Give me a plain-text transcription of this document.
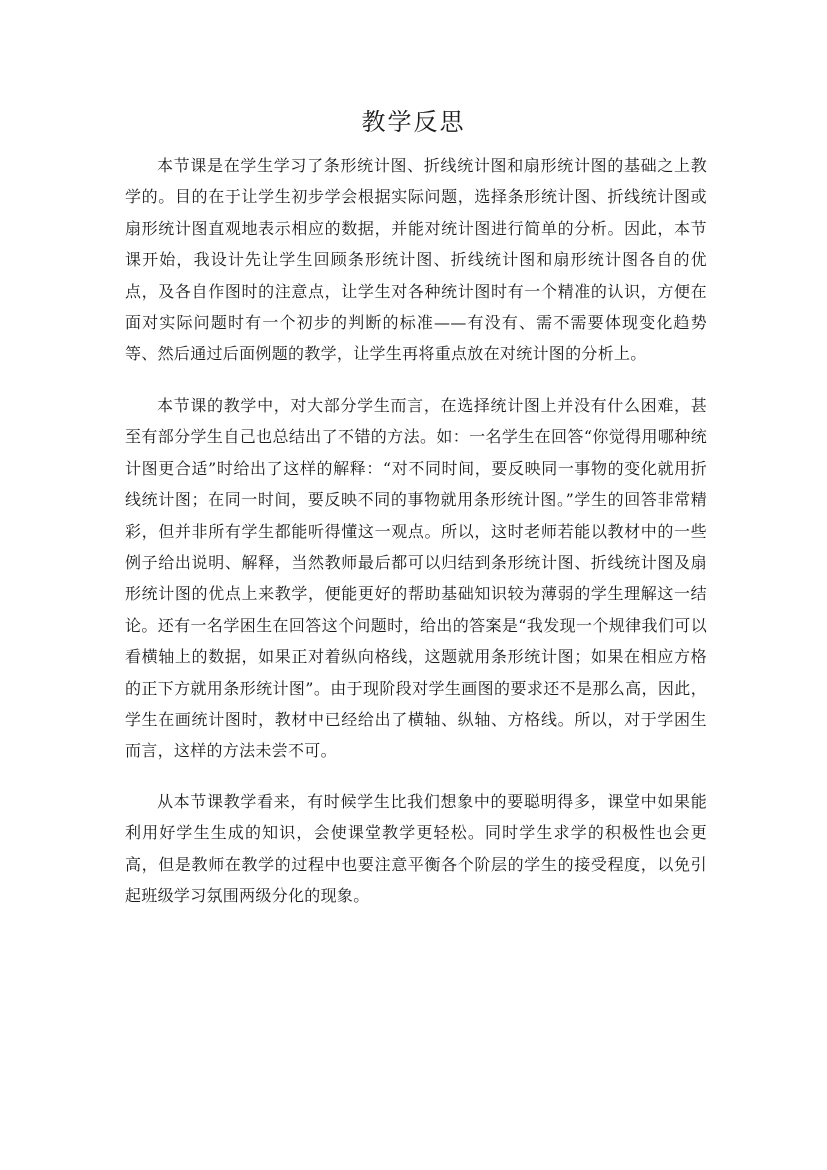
教学反思

本节课是在学生学习了条形统计图、折线统计图和扇形统计图的基础之上教学的。目的在于让学生初步学会根据实际问题，选择条形统计图、折线统计图或扇形统计图直观地表示相应的数据，并能对统计图进行简单的分析。因此，本节课开始，我设计先让学生回顾条形统计图、折线统计图和扇形统计图各自的优点，及各自作图时的注意点，让学生对各种统计图时有一个精准的认识，方便在面对实际问题时有一个初步的判断的标准——有没有、需不需要体现变化趋势等、然后通过后面例题的教学，让学生再将重点放在对统计图的分析上。

本节课的教学中，对大部分学生而言，在选择统计图上并没有什么困难，甚至有部分学生自己也总结出了不错的方法。如：一名学生在回答“你觉得用哪种统计图更合适”时给出了这样的解释：“对不同时间，要反映同一事物的变化就用折线统计图；在同一时间，要反映不同的事物就用条形统计图。”学生的回答非常精彩，但并非所有学生都能听得懂这一观点。所以，这时老师若能以教材中的一些例子给出说明、解释，当然教师最后都可以归结到条形统计图、折线统计图及扇形统计图的优点上来教学，便能更好的帮助基础知识较为薄弱的学生理解这一结论。还有一名学困生在回答这个问题时，给出的答案是“我发现一个规律我们可以看横轴上的数据，如果正对着纵向格线，这题就用条形统计图；如果在相应方格的正下方就用条形统计图”。由于现阶段对学生画图的要求还不是那么高，因此，学生在画统计图时，教材中已经给出了横轴、纵轴、方格线。所以，对于学困生而言，这样的方法未尝不可。

从本节课教学看来，有时候学生比我们想象中的要聪明得多，课堂中如果能利用好学生生成的知识，会使课堂教学更轻松。同时学生求学的积极性也会更高，但是教师在教学的过程中也要注意平衡各个阶层的学生的接受程度，以免引起班级学习氛围两级分化的现象。
